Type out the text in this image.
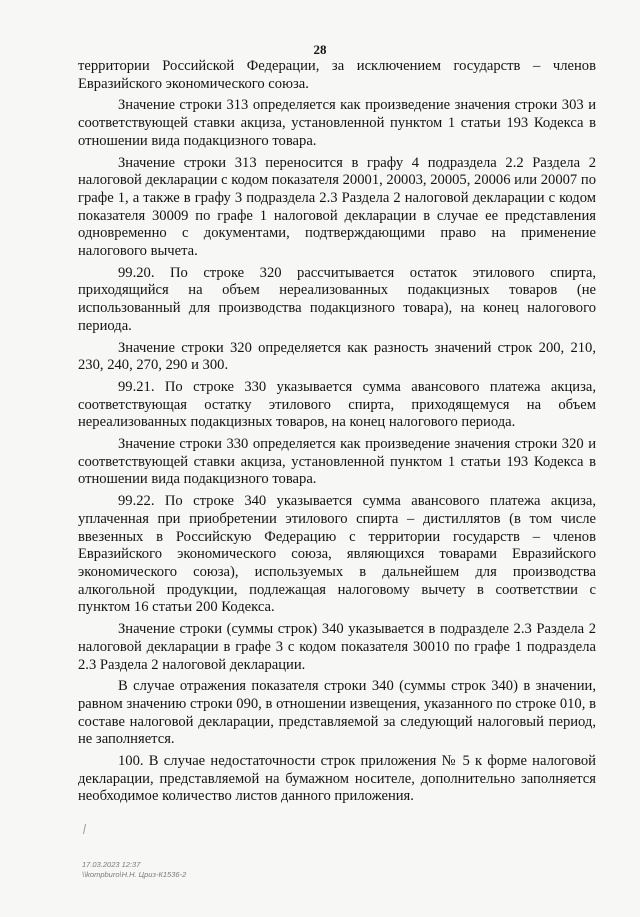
28

территории Российской Федерации, за исключением государств – членов Евразийского экономического союза.

Значение строки 313 определяется как произведение значения строки 303 и соответствующей ставки акциза, установленной пунктом 1 статьи 193 Кодекса в отношении вида подакцизного товара.

Значение строки 313 переносится в графу 4 подраздела 2.2 Раздела 2 налоговой декларации с кодом показателя 20001, 20003, 20005, 20006 или 20007 по графе 1, а также в графу 3 подраздела 2.3 Раздела 2 налоговой декларации с кодом показателя 30009 по графе 1 налоговой декларации в случае ее представления одновременно с документами, подтверждающими право на применение налогового вычета.

99.20. По строке 320 рассчитывается остаток этилового спирта, приходящийся на объем нереализованных подакцизных товаров (не использованный для производства подакцизного товара), на конец налогового периода.

Значение строки 320 определяется как разность значений строк 200, 210, 230, 240, 270, 290 и 300.

99.21. По строке 330 указывается сумма авансового платежа акциза, соответствующая остатку этилового спирта, приходящемуся на объем нереализованных подакцизных товаров, на конец налогового периода.

Значение строки 330 определяется как произведение значения строки 320 и соответствующей ставки акциза, установленной пунктом 1 статьи 193 Кодекса в отношении вида подакцизного товара.

99.22. По строке 340 указывается сумма авансового платежа акциза, уплаченная при приобретении этилового спирта – дистиллятов (в том числе ввезенных в Российскую Федерацию с территории государств – членов Евразийского экономического союза, являющихся товарами Евразийского экономического союза), используемых в дальнейшем для производства алкогольной продукции, подлежащая налоговому вычету в соответствии с пунктом 16 статьи 200 Кодекса.

Значение строки (суммы строк) 340 указывается в подразделе 2.3 Раздела 2 налоговой декларации в графе 3 с кодом показателя 30010 по графе 1 подраздела 2.3 Раздела 2 налоговой декларации.

В случае отражения показателя строки 340 (суммы строк 340) в значении, равном значению строки 090, в отношении извещения, указанного по строке 010, в составе налоговой декларации, представляемой за следующий налоговый период, не заполняется.

100. В случае недостаточности строк приложения № 5 к форме налоговой декларации, представляемой на бумажном носителе, дополнительно заполняется необходимое количество листов данного приложения.

17.03.2023 12:37
\\kompburo\Н.Н. Цриз-К1536-2
